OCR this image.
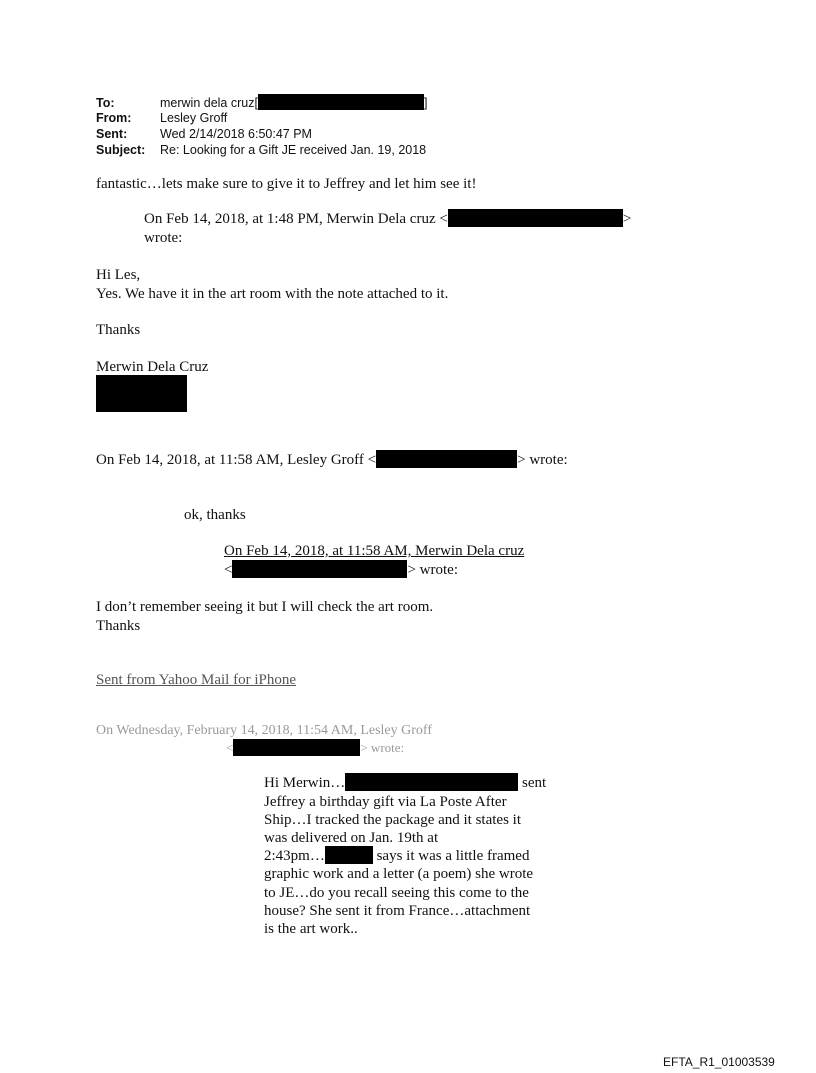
To:	merwin dela cruz[	]
From: Lesley Groff
Sent:	Wed 2/14/2018 6:50:47 PM
Subject: Re: Looking for a Gift JE received Jan. 19, 2018
fantastic…lets make sure to give it to Jeffrey and let him see it!
On Feb 14, 2018, at 1:48 PM, Merwin Dela cruz <	>
wrote:
Hi Les,
Yes. We have it in the art room with the note attached to it.
Thanks
Merwin Dela Cruz
On Feb 14, 2018, at 11:58 AM, Lesley Groff <	> wrote:
ok, thanks
On Feb 14, 2018, at 11:58 AM, Merwin Dela cruz
<	> wrote:
I don’t remember seeing it but I will check the art room.
Thanks
Sent from Yahoo Mail for iPhone
On Wednesday, February 14, 2018, 11:54 AM, Lesley Groff
<	> wrote:
Hi Merwin…	sent
Jeffrey a birthday gift via La Poste After
Ship…I tracked the package and it states it
was delivered on Jan. 19th at
2:43pm…	says it was a little framed
graphic work and a letter (a poem) she wrote
to JE…do you recall seeing this come to the
house? She sent it from France…attachment
is the art work..
EFTA_R1_01003539
